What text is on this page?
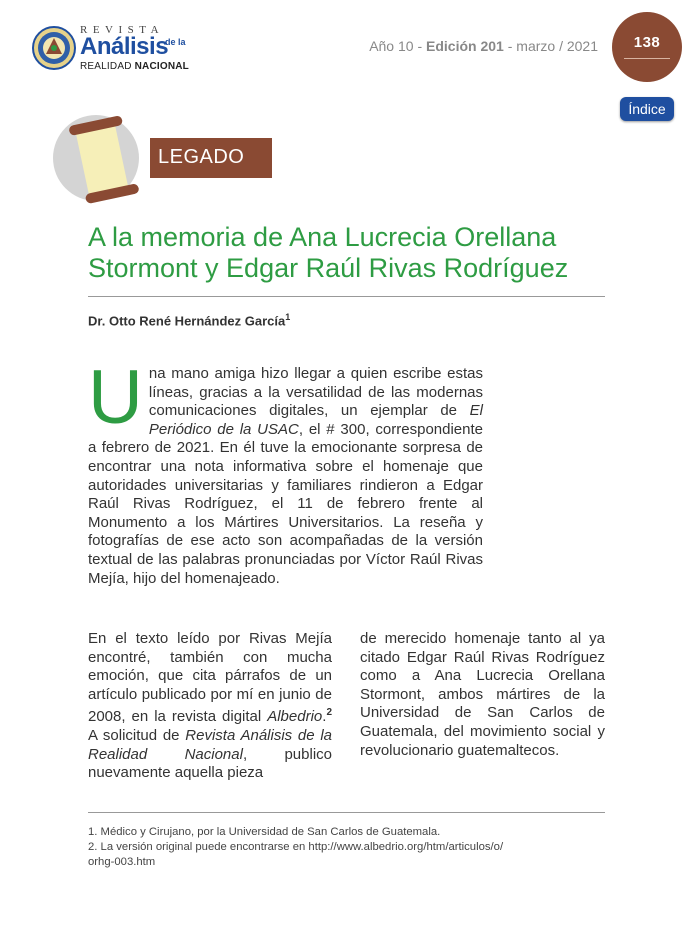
REVISTA
Análisis
de la
REALIDAD NACIONAL
Año 10 - Edición 201 - marzo / 2021	138
Índice
LEGADO
A la memoria de Ana Lucrecia Orellana
Stormont y Edgar Raúl Rivas Rodríguez
Dr. Otto René Hernández García$^1$
Una mano amiga hizo llegar a quien escribe estas líneas, gracias a la versatilidad de las modernas comunicaciones digitales, un ejemplar de El Periódico de la USAC, el # 300, correspondiente a febrero de 2021. En él tuve la emocionante sorpresa de encontrar una nota informativa sobre el homenaje que autoridades universitarias y familiares rindieron a Edgar Raúl Rivas Rodríguez, el 11 de febrero frente al Monumento a los Mártires Universitarios. La reseña y fotografías de ese acto son acompañadas de la versión textual de las palabras pronunciadas por Víctor Raúl Rivas Mejía, hijo del homenajeado.
En el texto leído por Rivas Mejía encontré, también con mucha emoción, que cita párrafos de un artículo publicado por mí en junio de 2008, en la revista digital Albedrio.$^2$ A solicitud de Revista Análisis de la Realidad Nacional, publico nuevamente aquella pieza
de merecido homenaje tanto al ya citado Edgar Raúl Rivas Rodríguez como a Ana Lucrecia Orellana Stormont, ambos mártires de la Universidad de San Carlos de Guatemala, del movimiento social y revolucionario guatemaltecos.
1. Médico y Cirujano, por la Universidad de San Carlos de Guatemala.
2. La versión original puede encontrarse en http://www.albedrio.org/htm/articulos/o/
orhg-003.htm
